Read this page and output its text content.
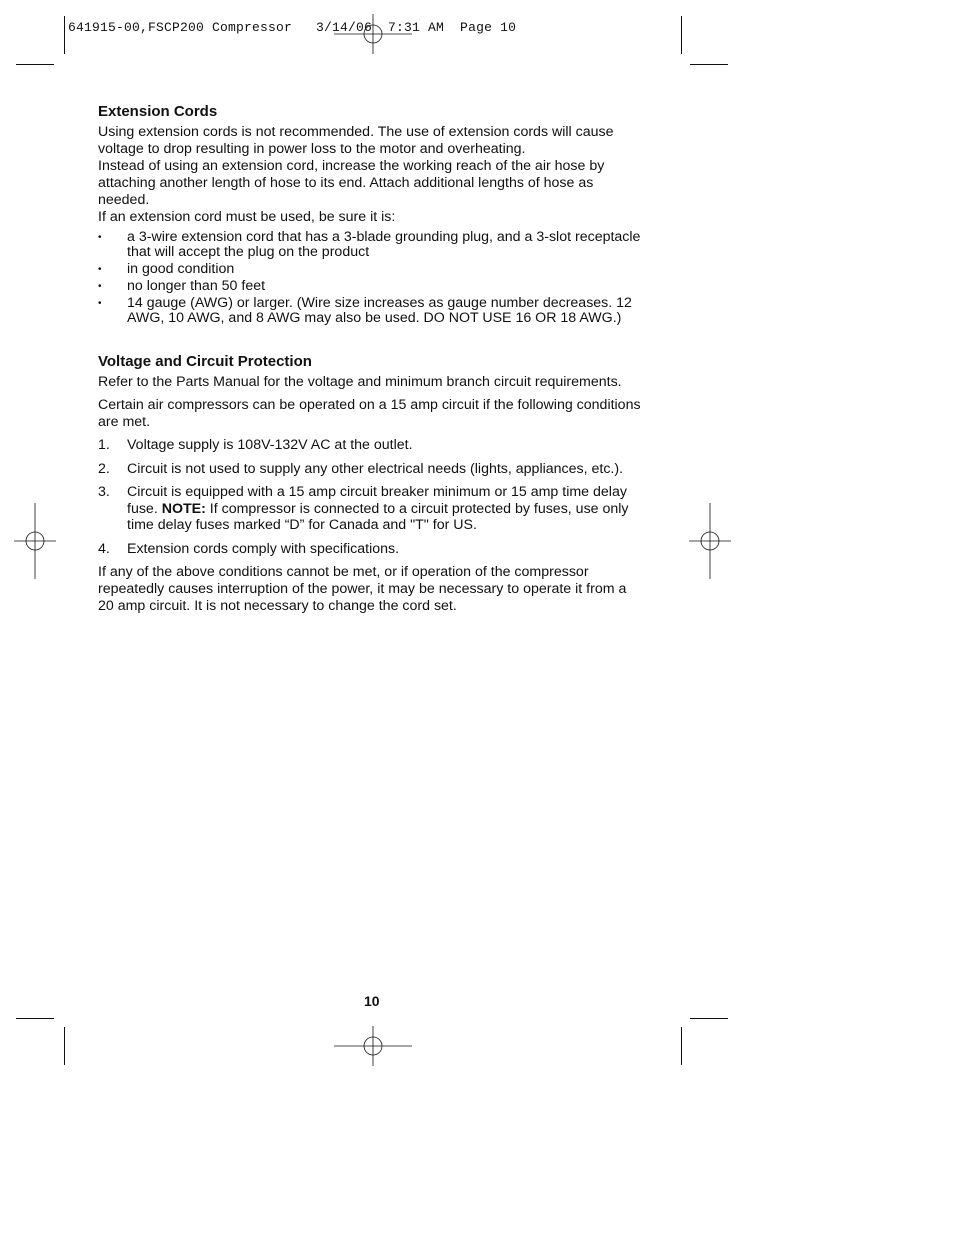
641915-00,FSCP200 Compressor   3/14/06  7:31 AM  Page 10
Extension Cords

Using extension cords is not recommended. The use of extension cords will cause voltage to drop resulting in power loss to the motor and overheating.

Instead of using an extension cord, increase the working reach of the air hose by attaching another length of hose to its end. Attach additional lengths of hose as needed.

If an extension cord must be used, be sure it is:

• a 3-wire extension cord that has a 3-blade grounding plug, and a 3-slot receptacle that will accept the plug on the product
• in good condition
• no longer than 50 feet
• 14 gauge (AWG) or larger. (Wire size increases as gauge number decreases. 12 AWG, 10 AWG, and 8 AWG may also be used. DO NOT USE 16 OR 18 AWG.)
Voltage and Circuit Protection

Refer to the Parts Manual for the voltage and minimum branch circuit requirements.

Certain air compressors can be operated on a 15 amp circuit if the following conditions are met.

1. Voltage supply is 108V-132V AC at the outlet.
2. Circuit is not used to supply any other electrical needs (lights, appliances, etc.).
3. Circuit is equipped with a 15 amp circuit breaker minimum or 15 amp time delay fuse. NOTE: If compressor is connected to a circuit protected by fuses, use only time delay fuses marked “D” for Canada and "T" for US.
4. Extension cords comply with specifications.

If any of the above conditions cannot be met, or if operation of the compressor repeatedly causes interruption of the power, it may be necessary to operate it from a 20 amp circuit. It is not necessary to change the cord set.

10
